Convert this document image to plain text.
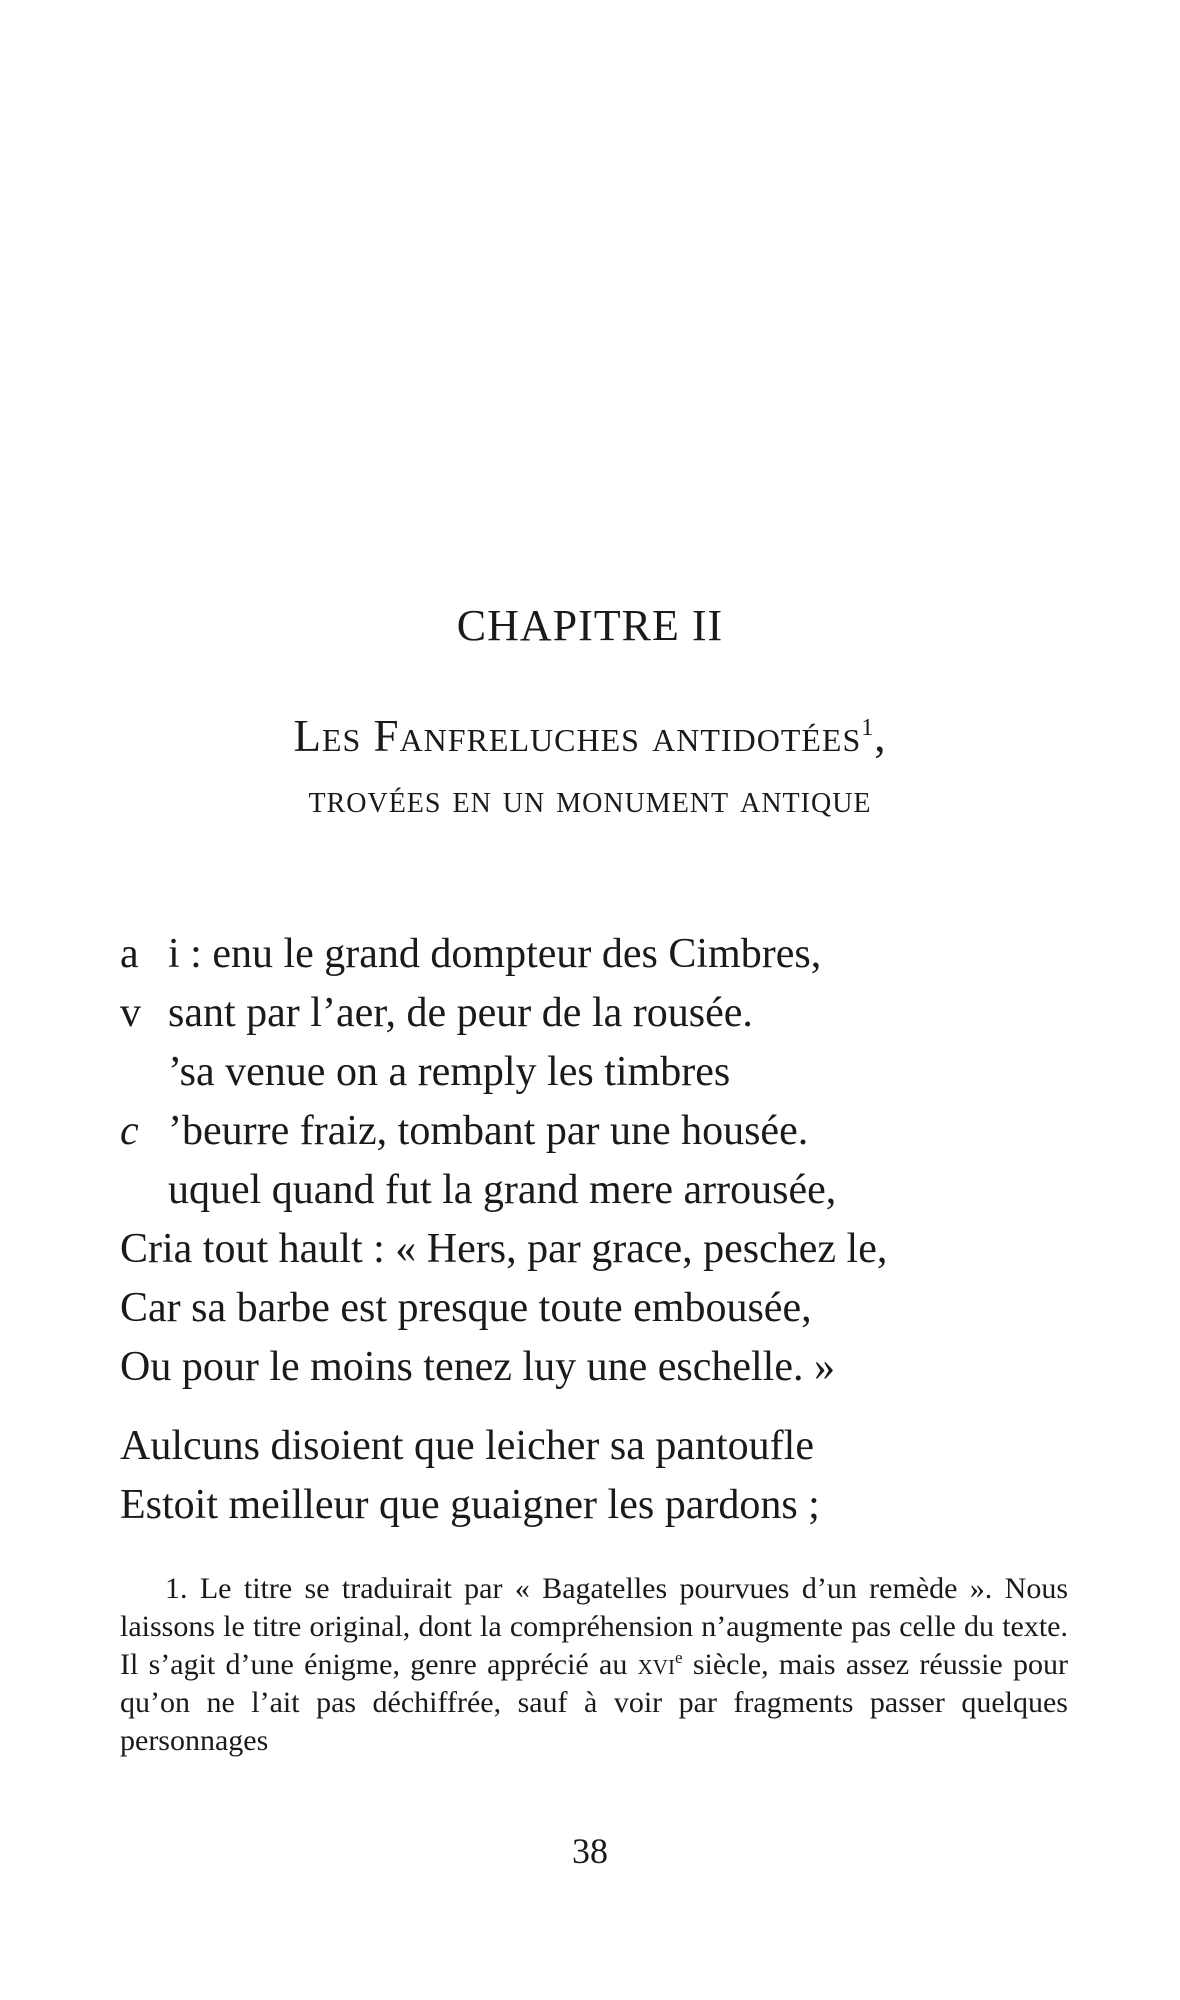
CHAPITRE II
Les Fanfreluches antidotées$^1$,
trovées en un monument antique
a i : enu le grand dompteur des Cimbres,
v sant par l’aer, de peur de la rousée.
’sa venue on a remply les timbres
c ’beurre fraiz, tombant par une housée.
uquel quand fut la grand mere arrousée,
Cria tout hault : « Hers, par grace, peschez le,
Car sa barbe est presque toute embousée,
Ou pour le moins tenez luy une eschelle. »
Aulcuns disoient que leicher sa pantoufle
Estoit meilleur que guaigner les pardons ;

1. Le titre se traduirait par « Bagatelles pourvues d’un remède ». Nous laissons le titre original, dont la compréhension n’augmente pas celle du texte. Il s’agit d’une énigme, genre apprécié au xvi$^e$ siècle, mais assez réussie pour qu’on ne l’ait pas déchiffrée, sauf à voir par fragments passer quelques personnages

38
